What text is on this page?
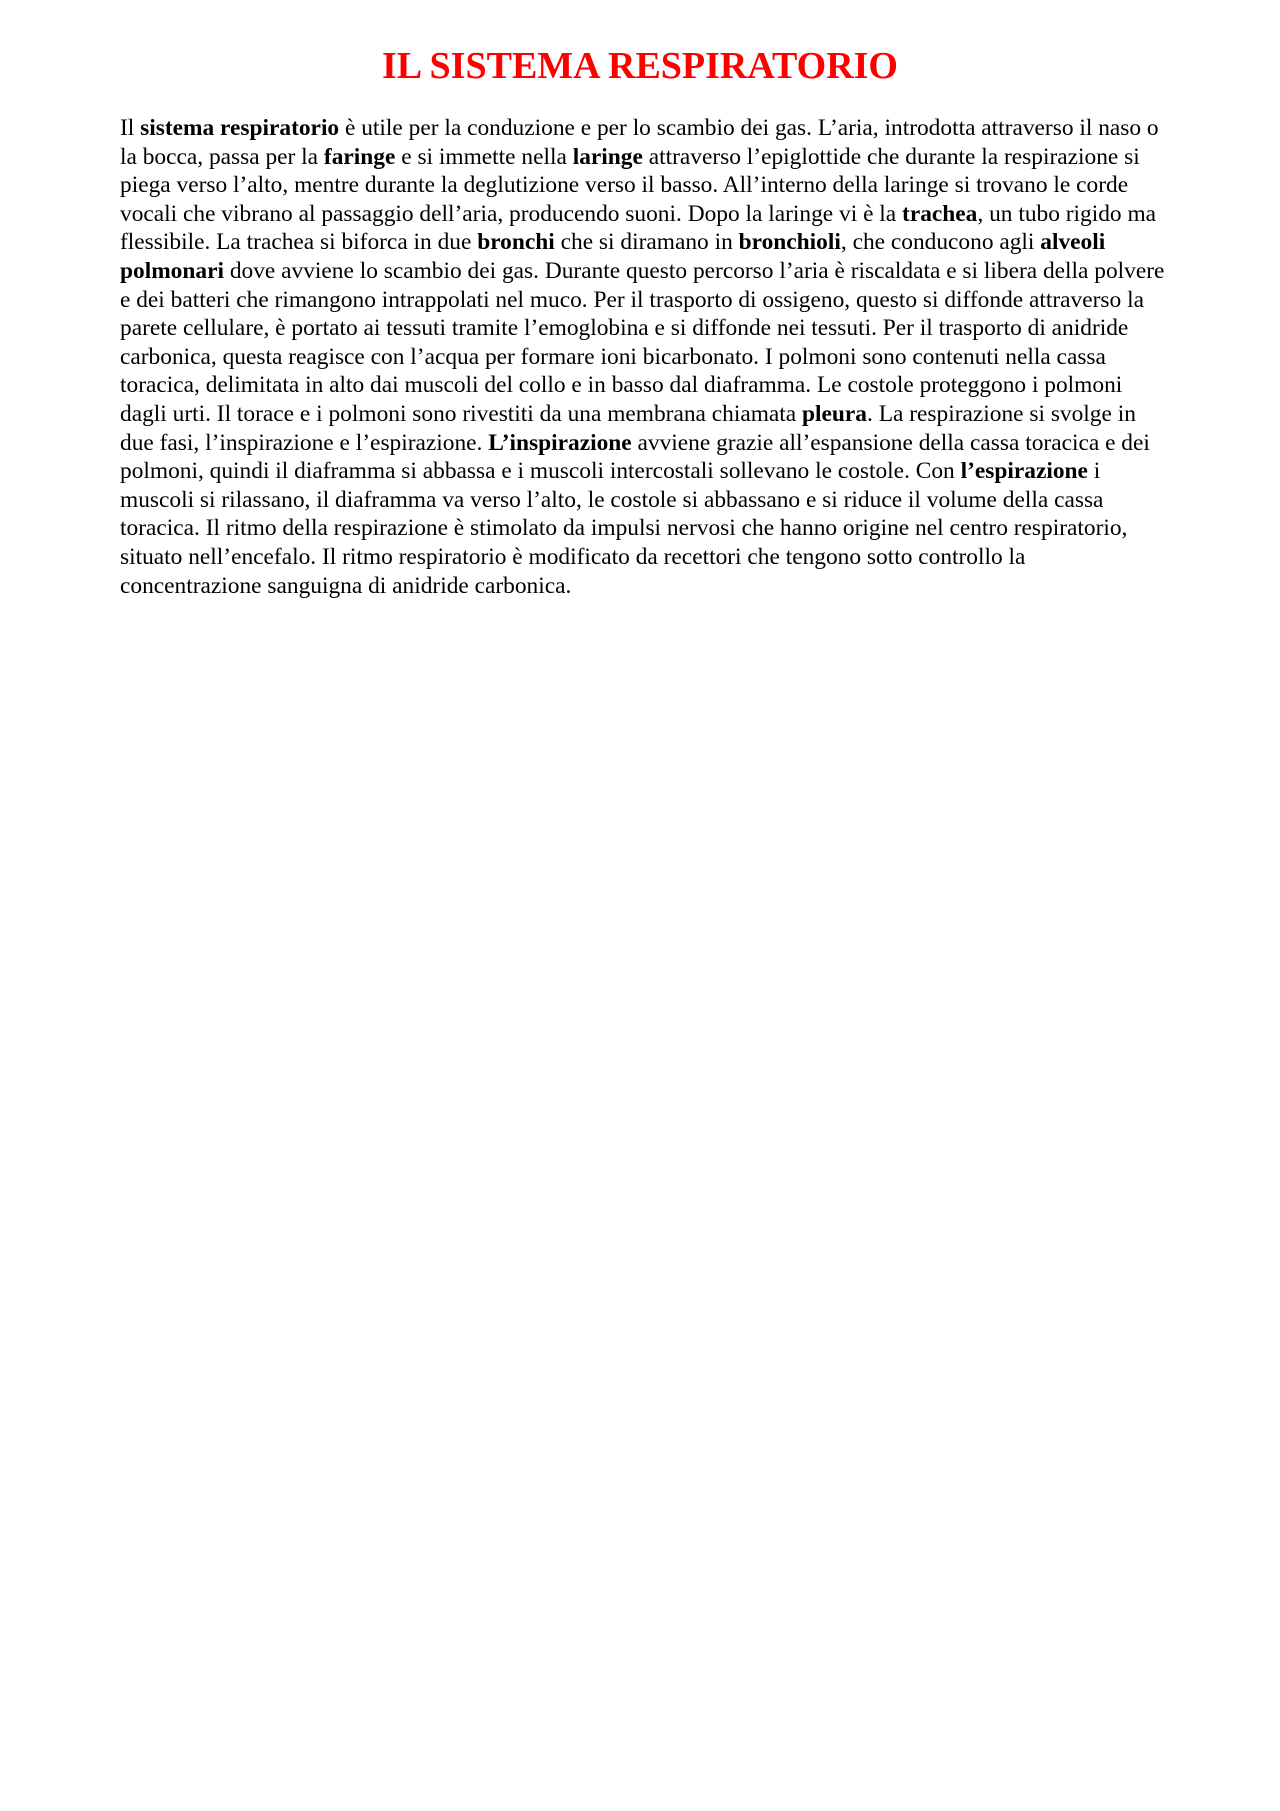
IL SISTEMA RESPIRATORIO

Il sistema respiratorio è utile per la conduzione e per lo scambio dei gas. L’aria, introdotta attraverso il naso o la bocca, passa per la faringe e si immette nella laringe attraverso l’epiglottide che durante la respirazione si piega verso l’alto, mentre durante la deglutizione verso il basso. All’interno della laringe si trovano le corde vocali che vibrano al passaggio dell’aria, producendo suoni. Dopo la laringe vi è la trachea, un tubo rigido ma flessibile. La trachea si biforca in due bronchi che si diramano in bronchioli, che conducono agli alveoli polmonari dove avviene lo scambio dei gas. Durante questo percorso l’aria è riscaldata e si libera della polvere e dei batteri che rimangono intrappolati nel muco. Per il trasporto di ossigeno, questo si diffonde attraverso la parete cellulare, è portato ai tessuti tramite l’emoglobina e si diffonde nei tessuti. Per il trasporto di anidride carbonica, questa reagisce con l’acqua per formare ioni bicarbonato. I polmoni sono contenuti nella cassa toracica, delimitata in alto dai muscoli del collo e in basso dal diaframma. Le costole proteggono i polmoni dagli urti. Il torace e i polmoni sono rivestiti da una membrana chiamata pleura. La respirazione si svolge in due fasi, l’inspirazione e l’espirazione. L’inspirazione avviene grazie all’espansione della cassa toracica e dei polmoni, quindi il diaframma si abbassa e i muscoli intercostali sollevano le costole. Con l’espirazione i muscoli si rilassano, il diaframma va verso l’alto, le costole si abbassano e si riduce il volume della cassa toracica. Il ritmo della respirazione è stimolato da impulsi nervosi che hanno origine nel centro respiratorio, situato nell’encefalo. Il ritmo respiratorio è modificato da recettori che tengono sotto controllo la concentrazione sanguigna di anidride carbonica.
